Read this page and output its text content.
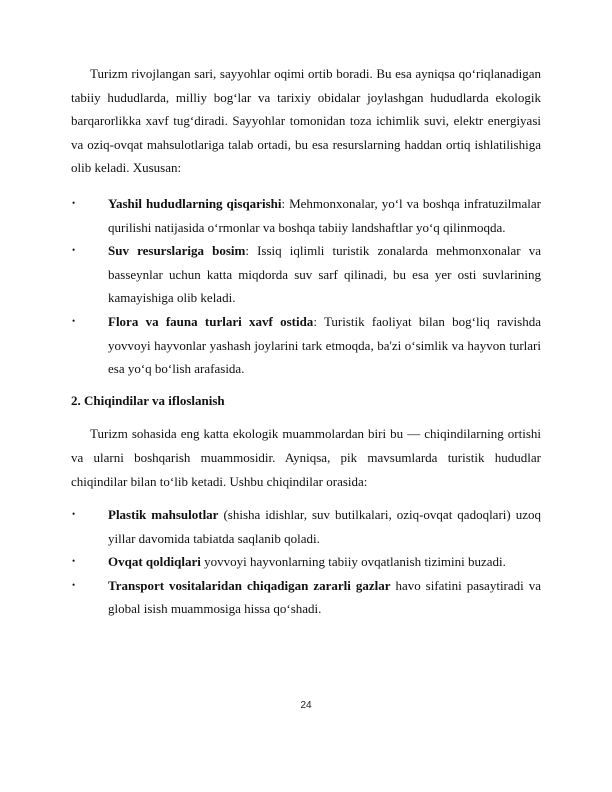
Turizm rivojlangan sari, sayyohlar oqimi ortib boradi. Bu esa ayniqsa qo‘riqlanadigan tabiiy hududlarda, milliy bog‘lar va tarixiy obidalar joylashgan hududlarda ekologik barqarorlikka xavf tug‘diradi. Sayyohlar tomonidan toza ichimlik suvi, elektr energiyasi va oziq-ovqat mahsulotlariga talab ortadi, bu esa resurslarning haddan ortiq ishlatilishiga olib keladi. Xususan:

•	Yashil hududlarning qisqarishi: Mehmonxonalar, yo‘l va boshqa infratuzilmalar qurilishi natijasida o‘rmonlar va boshqa tabiiy landshaftlar yo‘q qilinmoqda.
•	Suv resurslariga bosim: Issiq iqlimli turistik zonalarda mehmonxonalar va basseynlar uchun katta miqdorda suv sarf qilinadi, bu esa yer osti suvlarining kamayishiga olib keladi.
•	Flora va fauna turlari xavf ostida: Turistik faoliyat bilan bog‘liq ravishda yovvoyi hayvonlar yashash joylarini tark etmoqda, ba'zi o‘simlik va hayvon turlari esa yo‘q bo‘lish arafasida.
2. Chiqindilar va ifloslanish

Turizm sohasida eng katta ekologik muammolardan biri bu — chiqindilarning ortishi va ularni boshqarish muammosidir. Ayniqsa, pik mavsumlarda turistik hududlar chiqindilar bilan to‘lib ketadi. Ushbu chiqindilar orasida:

•	Plastik mahsulotlar (shisha idishlar, suv butilkalari, oziq-ovqat qadoqlari) uzoq yillar davomida tabiatda saqlanib qoladi.
•	Ovqat qoldiqlari yovvoyi hayvonlarning tabiiy ovqatlanish tizimini buzadi.
•	Transport vositalaridan chiqadigan zararli gazlar havo sifatini pasaytiradi va global isish muammosiga hissa qo‘shadi.
24
